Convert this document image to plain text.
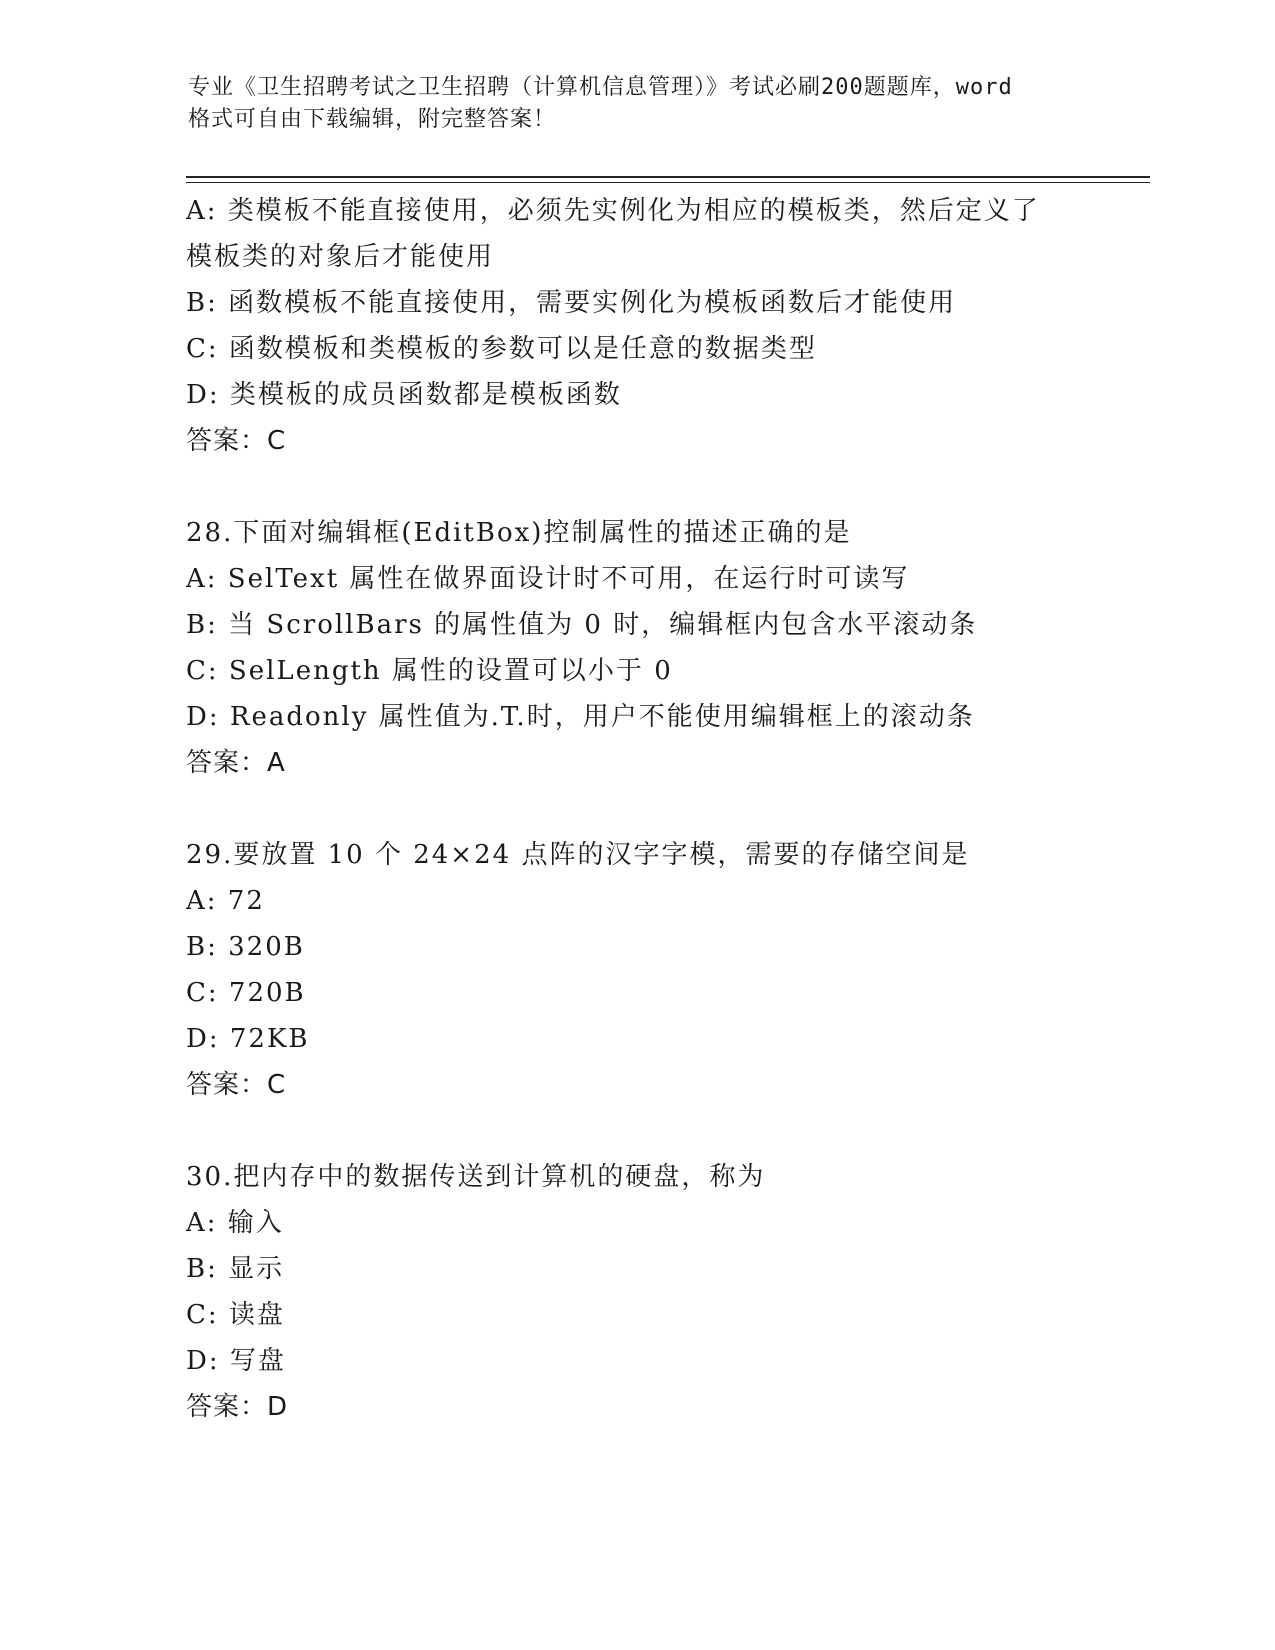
专业《卫生招聘考试之卫生招聘（计算机信息管理）》考试必刷200题题库，word
格式可自由下载编辑，附完整答案！
A: 类模板不能直接使用，必须先实例化为相应的模板类，然后定义了
模板类的对象后才能使用
B: 函数模板不能直接使用，需要实例化为模板函数后才能使用
C: 函数模板和类模板的参数可以是任意的数据类型
D: 类模板的成员函数都是模板函数
答案：C
28.下面对编辑框(EditBox)控制属性的描述正确的是
A: SelText 属性在做界面设计时不可用，在运行时可读写
B: 当 ScrollBars 的属性值为 0 时，编辑框内包含水平滚动条
C: SelLength 属性的设置可以小于 0
D: Readonly 属性值为.T.时，用户不能使用编辑框上的滚动条
答案：A
29.要放置 10 个 24×24 点阵的汉字字模，需要的存储空间是
A: 72
B: 320B
C: 720B
D: 72KB
答案：C
30.把内存中的数据传送到计算机的硬盘，称为
A: 输入
B: 显示
C: 读盘
D: 写盘
答案：D
